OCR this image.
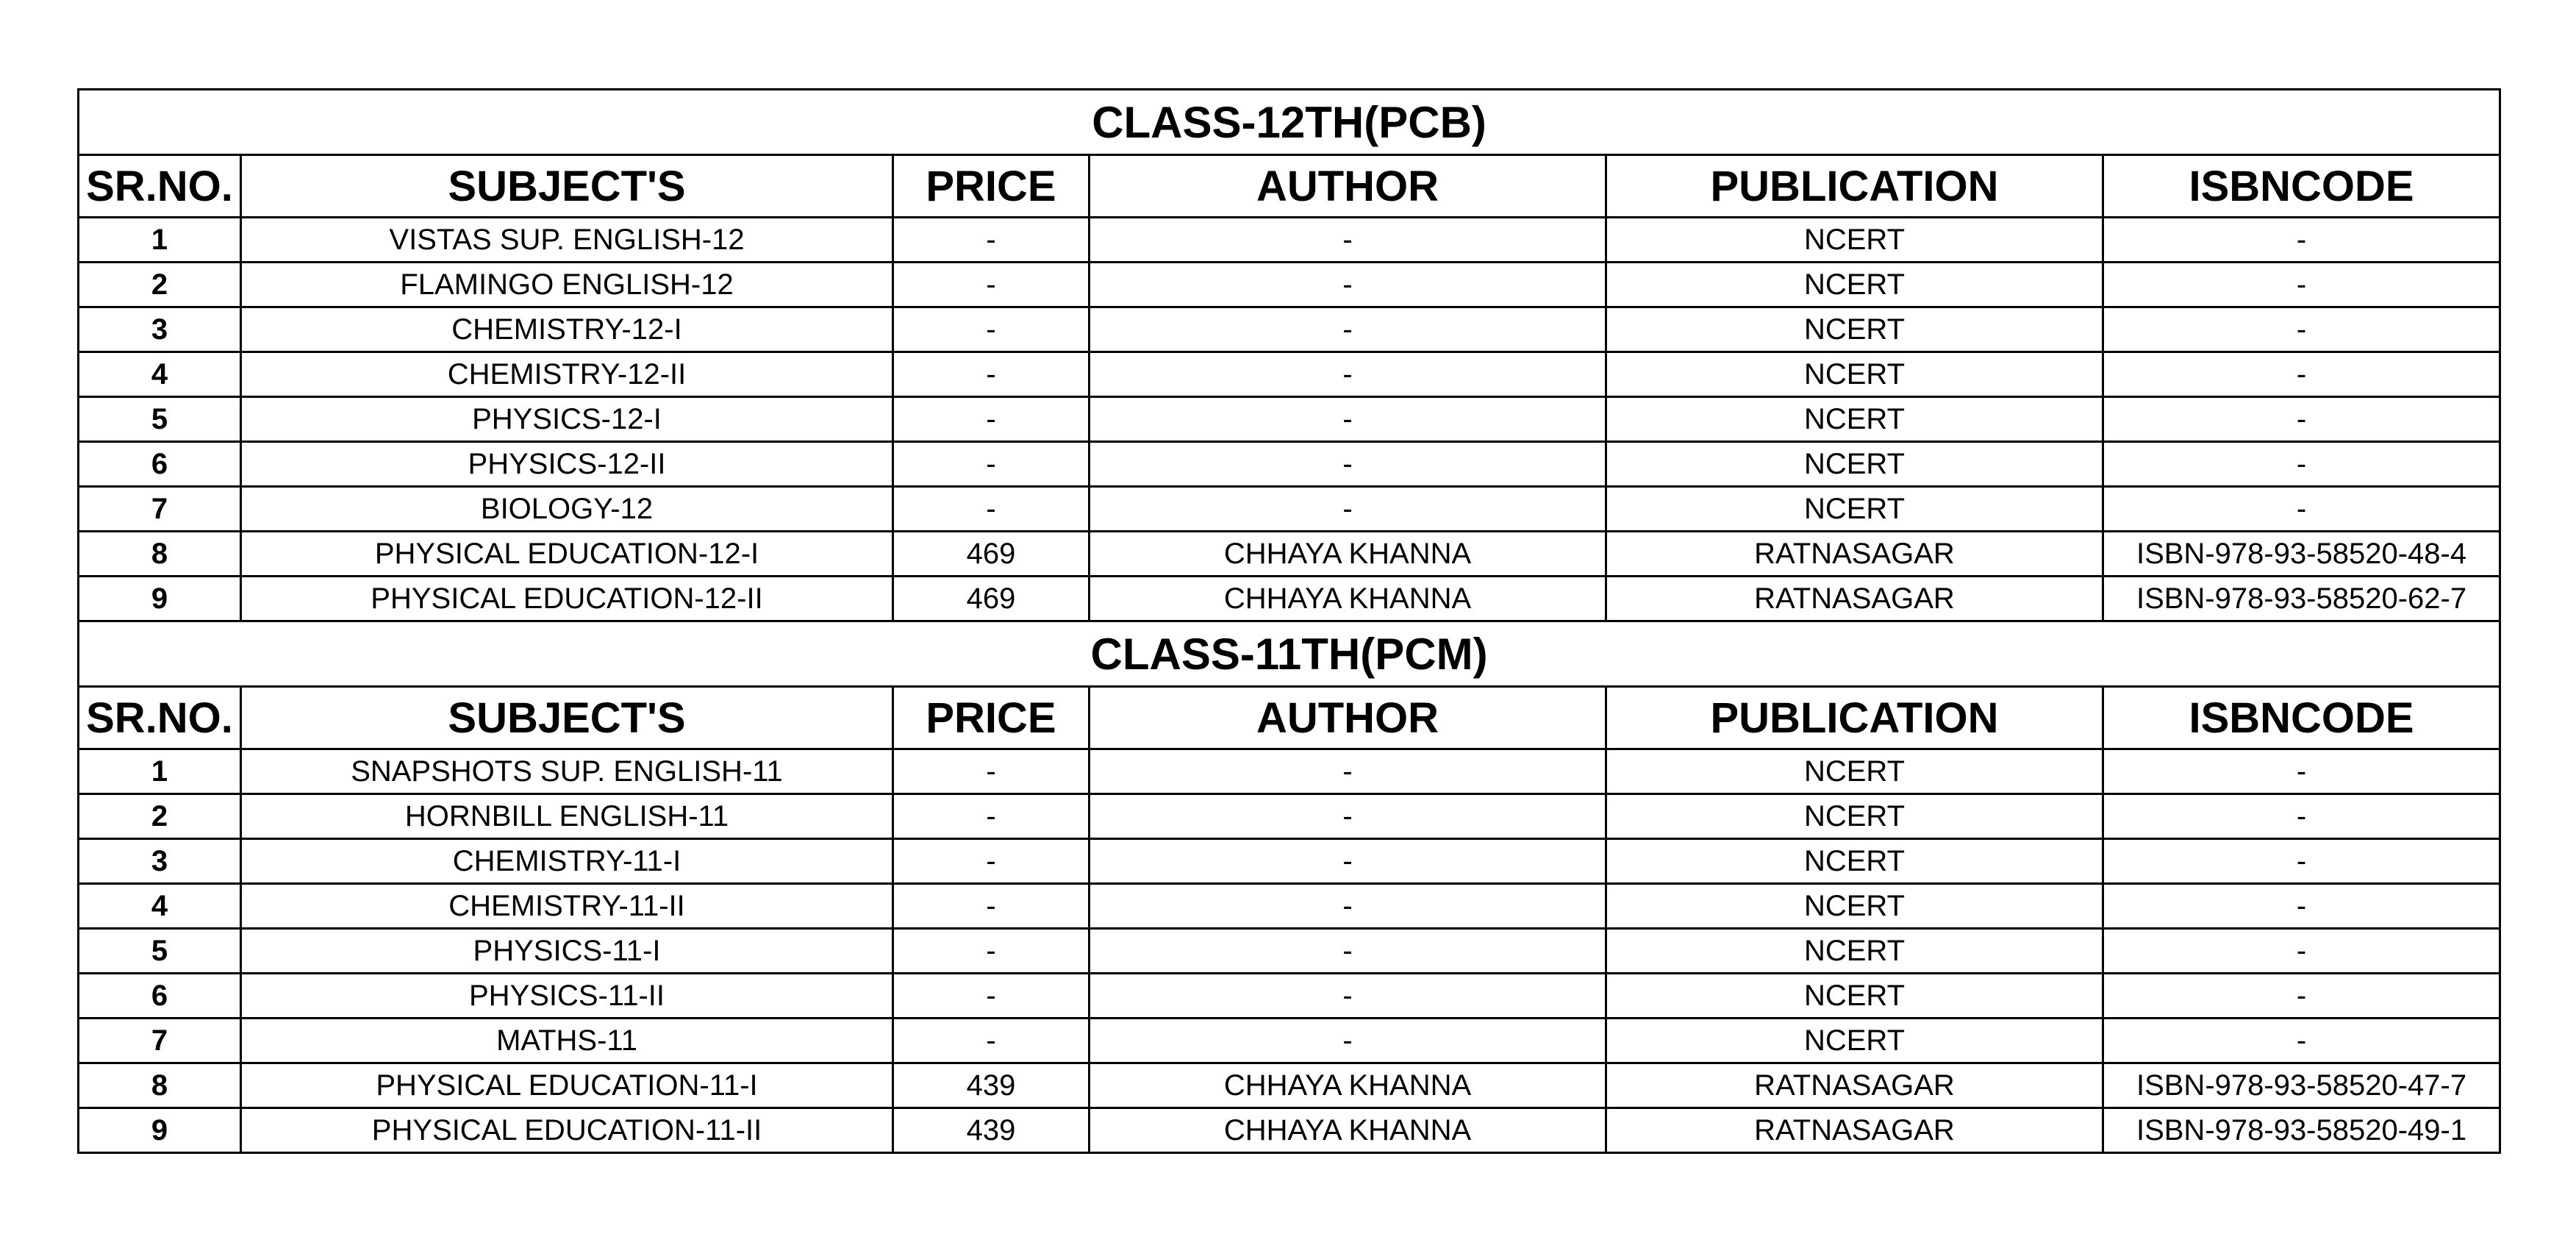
CLASS-12TH(PCB)					
SR.NO.	SUBJECT'S	PRICE	AUTHOR	PUBLICATION	ISBNCODE
1	VISTAS SUP. ENGLISH-12	-	-	NCERT	-
2	FLAMINGO ENGLISH-12	-	-	NCERT	-
3	CHEMISTRY-12-I	-	-	NCERT	-
4	CHEMISTRY-12-II	-	-	NCERT	-
5	PHYSICS-12-I	-	-	NCERT	-
6	PHYSICS-12-II	-	-	NCERT	-
7	BIOLOGY-12	-	-	NCERT	-
8	PHYSICAL EDUCATION-12-I	469	CHHAYA KHANNA	RATNASAGAR	ISBN-978-93-58520-48-4
9	PHYSICAL EDUCATION-12-II	469	CHHAYA KHANNA	RATNASAGAR	ISBN-978-93-58520-62-7
CLASS-11TH(PCM)					
SR.NO.	SUBJECT'S	PRICE	AUTHOR	PUBLICATION	ISBNCODE
1	SNAPSHOTS SUP. ENGLISH-11	-	-	NCERT	-
2	HORNBILL ENGLISH-11	-	-	NCERT	-
3	CHEMISTRY-11-I	-	-	NCERT	-
4	CHEMISTRY-11-II	-	-	NCERT	-
5	PHYSICS-11-I	-	-	NCERT	-
6	PHYSICS-11-II	-	-	NCERT	-
7	MATHS-11	-	-	NCERT	-
8	PHYSICAL EDUCATION-11-I	439	CHHAYA KHANNA	RATNASAGAR	ISBN-978-93-58520-47-7
9	PHYSICAL EDUCATION-11-II	439	CHHAYA KHANNA	RATNASAGAR	ISBN-978-93-58520-49-1
